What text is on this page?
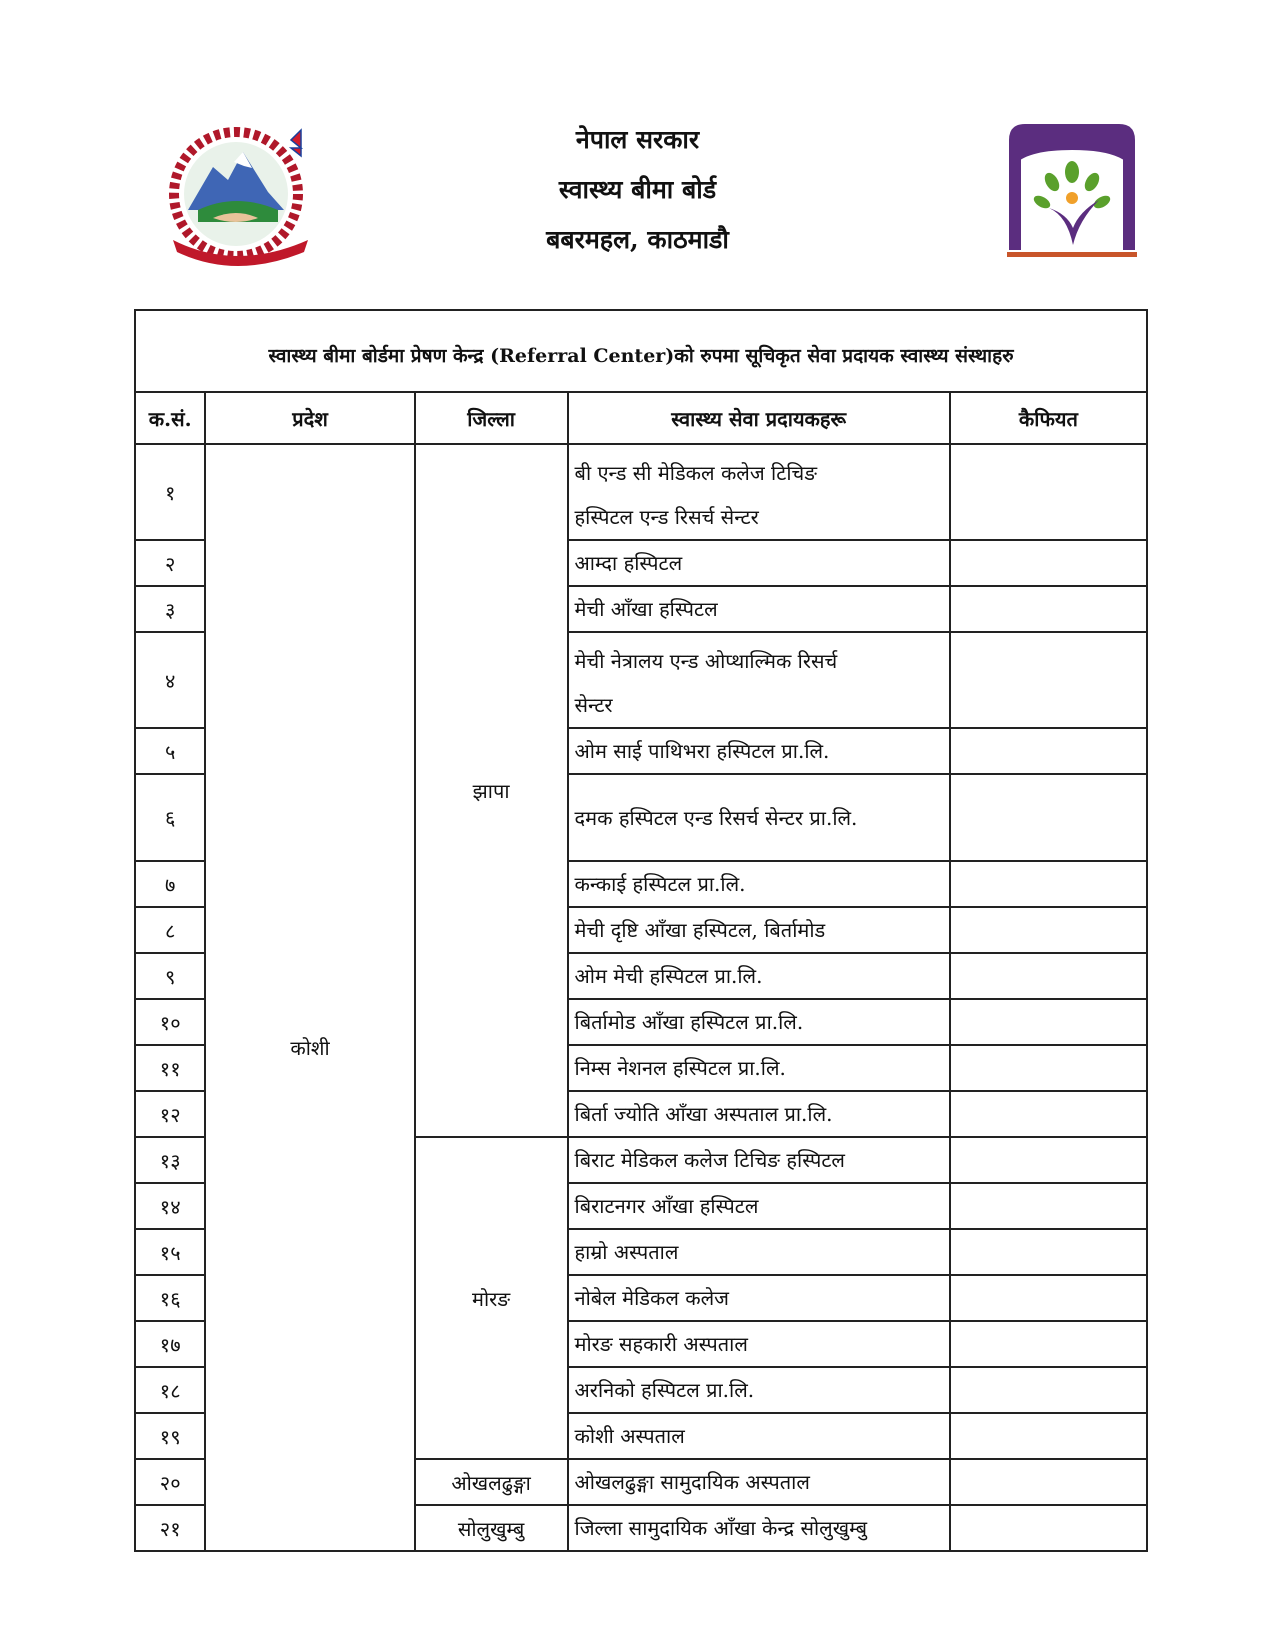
नेपाल सरकार
स्वास्थ्य बीमा बोर्ड
बबरमहल, काठमाडौ
स्वास्थ्य बीमा बोर्डमा प्रेषण केन्द्र (Referral Center)को रुपमा सूचिकृत सेवा प्रदायक स्वास्थ्य संस्थाहरु				
क.सं.	प्रदेश	जिल्ला	स्वास्थ्य सेवा प्रदायकहरू	कैफियत
१	कोशी	झापा	बी एन्ड सी मेडिकल कलेज टिचिङ
हस्पिटल एन्ड रिसर्च सेन्टर	

२			आम्दा हस्पिटल	
३			मेची आँखा हस्पिटल	
४			मेची नेत्रालय एन्ड ओप्थाल्मिक रिसर्च
सेन्टर	

५			ओम साई पाथिभरा हस्पिटल प्रा.लि.	
६			दमक हस्पिटल एन्ड रिसर्च सेन्टर प्रा.लि.	
७			कन्काई हस्पिटल प्रा.लि.	
८			मेची दृष्टि आँखा हस्पिटल, बिर्तामोड	
९			ओम मेची हस्पिटल प्रा.लि.	
१०			बिर्तामोड आँखा हस्पिटल प्रा.लि.	
११			निम्स नेशनल हस्पिटल प्रा.लि.	
१२			बिर्ता ज्योति आँखा अस्पताल प्रा.लि.	
१३		मोरङ	बिराट मेडिकल कलेज टिचिङ हस्पिटल	
१४			बिराटनगर आँखा हस्पिटल	
१५			हाम्रो अस्पताल	
१६			नोबेल मेडिकल कलेज	
१७			मोरङ सहकारी अस्पताल	
१८			अरनिको हस्पिटल प्रा.लि.	
१९			कोशी अस्पताल	
२०		ओखलढुङ्गा	ओखलढुङ्गा सामुदायिक अस्पताल	
२१		सोलुखुम्बु	जिल्ला सामुदायिक आँखा केन्द्र सोलुखुम्बु	
